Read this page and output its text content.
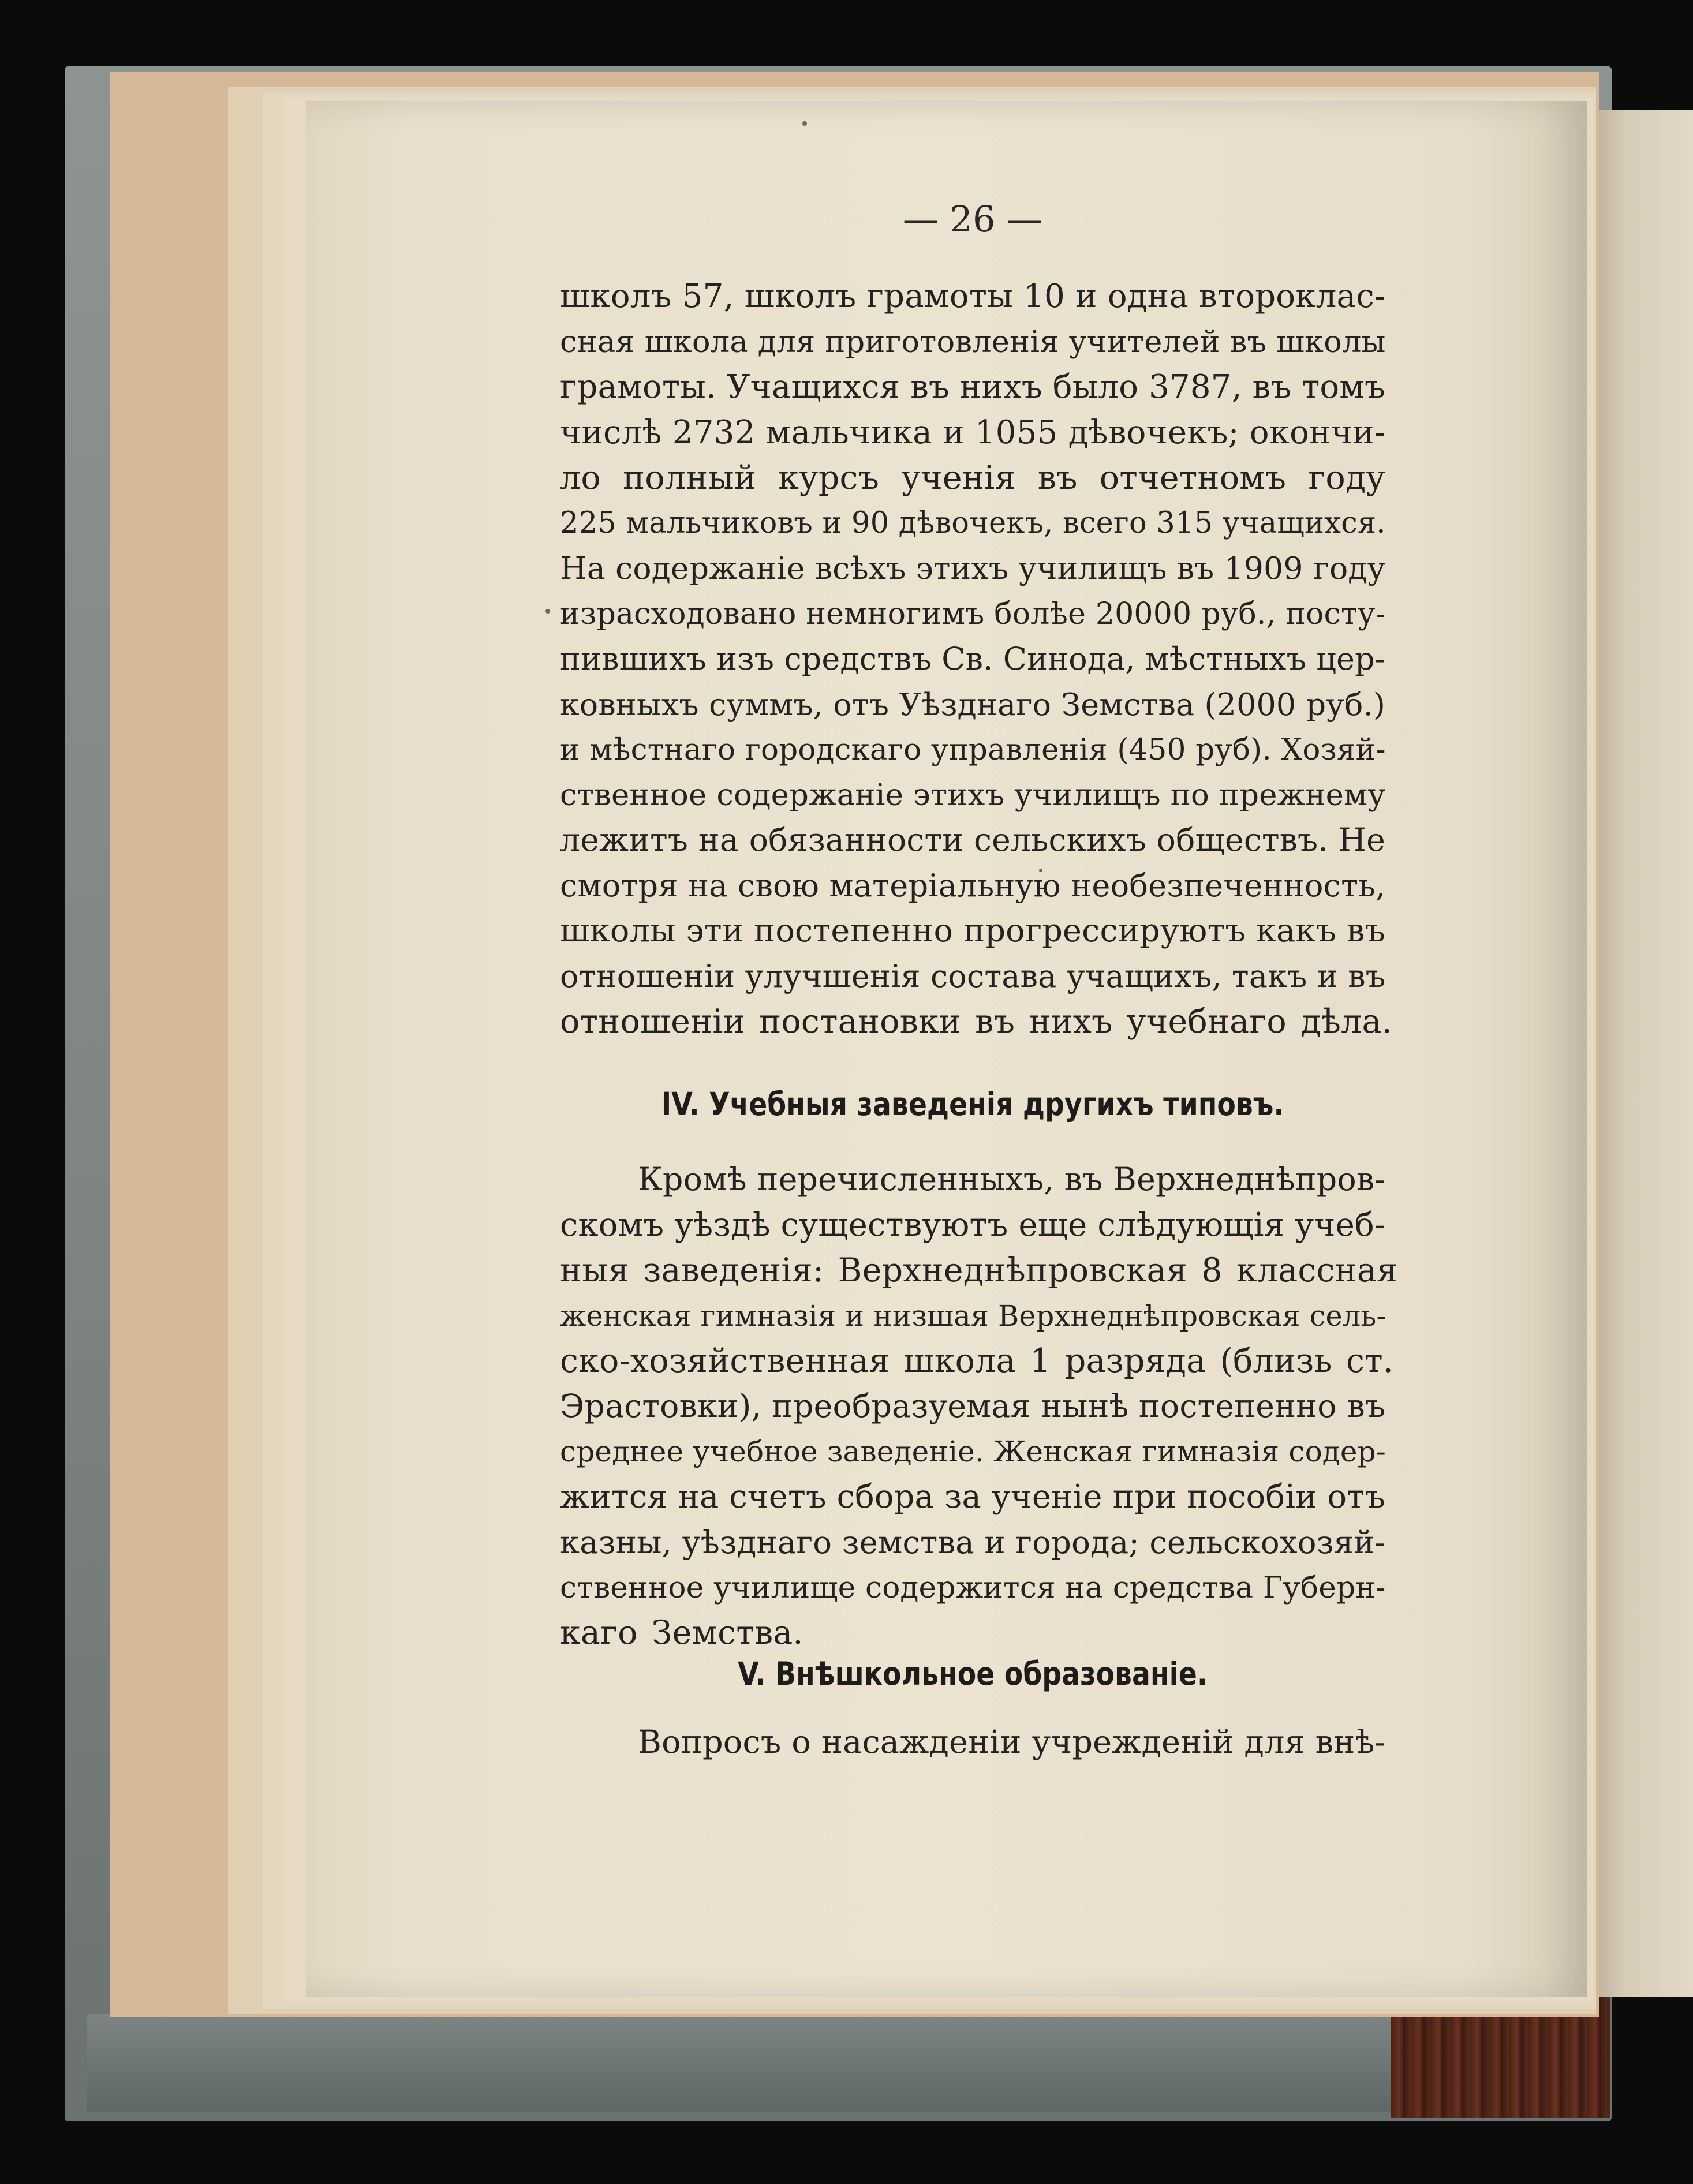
— 26 —
школъ 57, школъ грамоты 10 и одна второклас-
сная школа для приготовленія учителей въ школы
грамоты. Учащихся въ нихъ было 3787, въ томъ
числѣ 2732 мальчика и 1055 дѣвочекъ; окончи-
ло полный курсъ ученія въ отчетномъ году
225 мальчиковъ и 90 дѣвочекъ, всего 315 учащихся.
На содержаніе всѣхъ этихъ училищъ въ 1909 году
израсходовано немногимъ болѣе 20000 руб., посту-
пившихъ изъ средствъ Св. Синода, мѣстныхъ цер-
ковныхъ суммъ, отъ Уѣзднаго Земства (2000 руб.)
и мѣстнаго городскаго управленія (450 руб). Хозяй-
ственное содержаніе этихъ училищъ по прежнему
лежитъ на обязанности сельскихъ обществъ. Не
смотря на свою матеріальную необезпеченность,
школы эти постепенно прогрессируютъ какъ въ
отношеніи улучшенія состава учащихъ, такъ и въ
отношеніи постановки въ нихъ учебнаго дѣла.
IV. Учебныя заведенія другихъ типовъ.
Кромѣ перечисленныхъ, въ Верхнеднѣпров-
скомъ уѣздѣ существуютъ еще слѣдующія учеб-
ныя заведенія: Верхнеднѣпровская 8 классная
женская гимназія и низшая Верхнеднѣпровская сель-
ско-хозяйственная школа 1 разряда (близь ст.
Эрастовки), преобразуемая нынѣ постепенно въ
среднее учебное заведеніе. Женская гимназія содер-
жится на счетъ сбора за ученіе при пособіи отъ
казны, уѣзднаго земства и города; сельскохозяй-
ственное училище содержится на средства Губерн-
каго Земства.
V. Внѣшкольное образованіе.
Вопросъ о насажденіи учрежденій для внѣ-
